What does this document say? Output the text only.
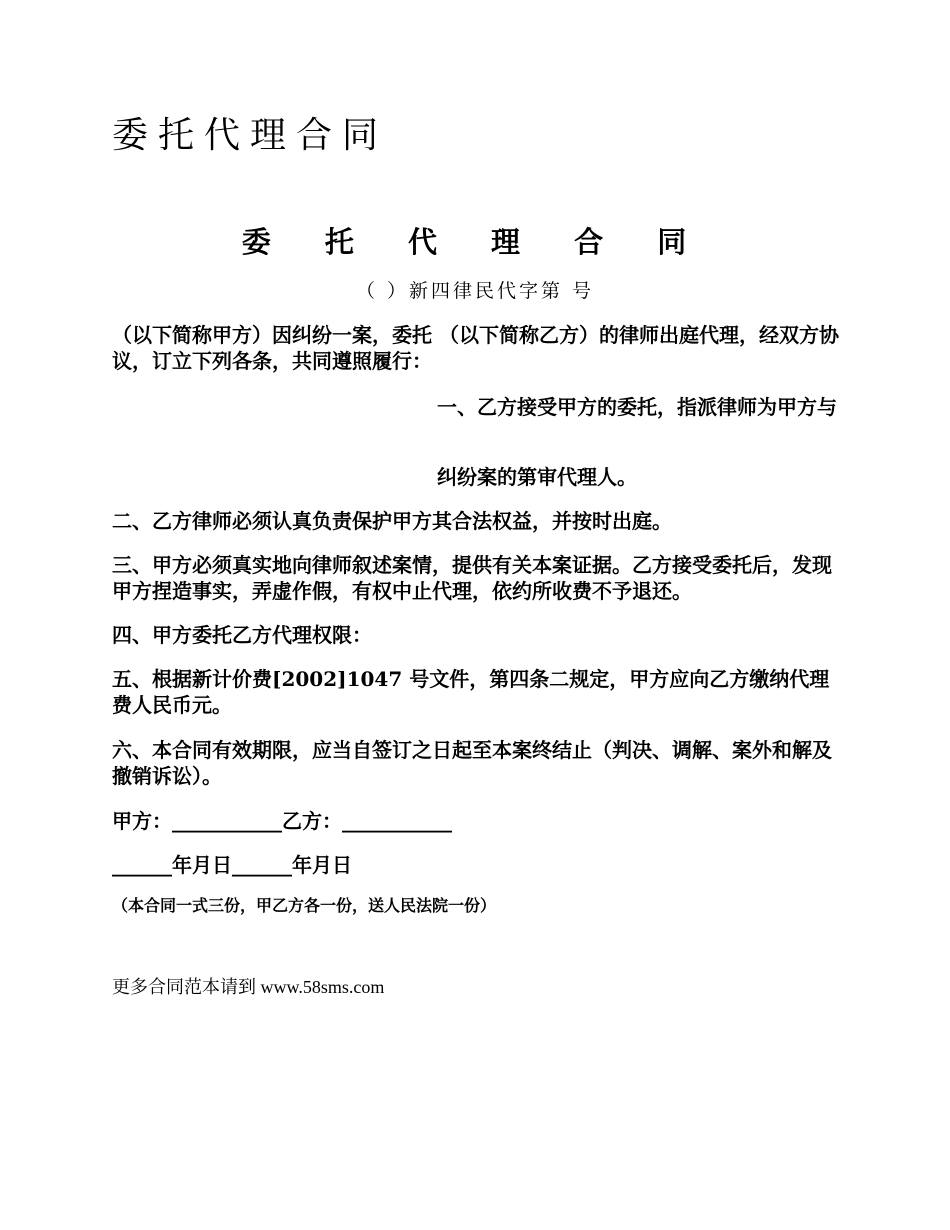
委托代理合同
委 托 代 理 合 同
（ ）新四律民代字第 号

（以下简称甲方）因纠纷一案，委托 （以下简称乙方）的律师出庭代理，经双方协议，订立下列各条，共同遵照履行：

一、乙方接受甲方的委托，指派律师为甲方与

纠纷案的第审代理人。

二、乙方律师必须认真负责保护甲方其合法权益，并按时出庭。

三、甲方必须真实地向律师叙述案情，提供有关本案证据。乙方接受委托后，发现甲方捏造事实，弄虚作假，有权中止代理，依约所收费不予退还。

四、甲方委托乙方代理权限：

五、根据新计价费[2002]1047 号文件，第四条二规定，甲方应向乙方缴纳代理费人民币元。

六、本合同有效期限，应当自签订之日起至本案终结止（判决、调解、案外和解及撤销诉讼）。

甲方：___________乙方：___________

______年月日______年月日

（本合同一式三份，甲乙方各一份，送人民法院一份）
更多合同范本请到 www.58sms.com
